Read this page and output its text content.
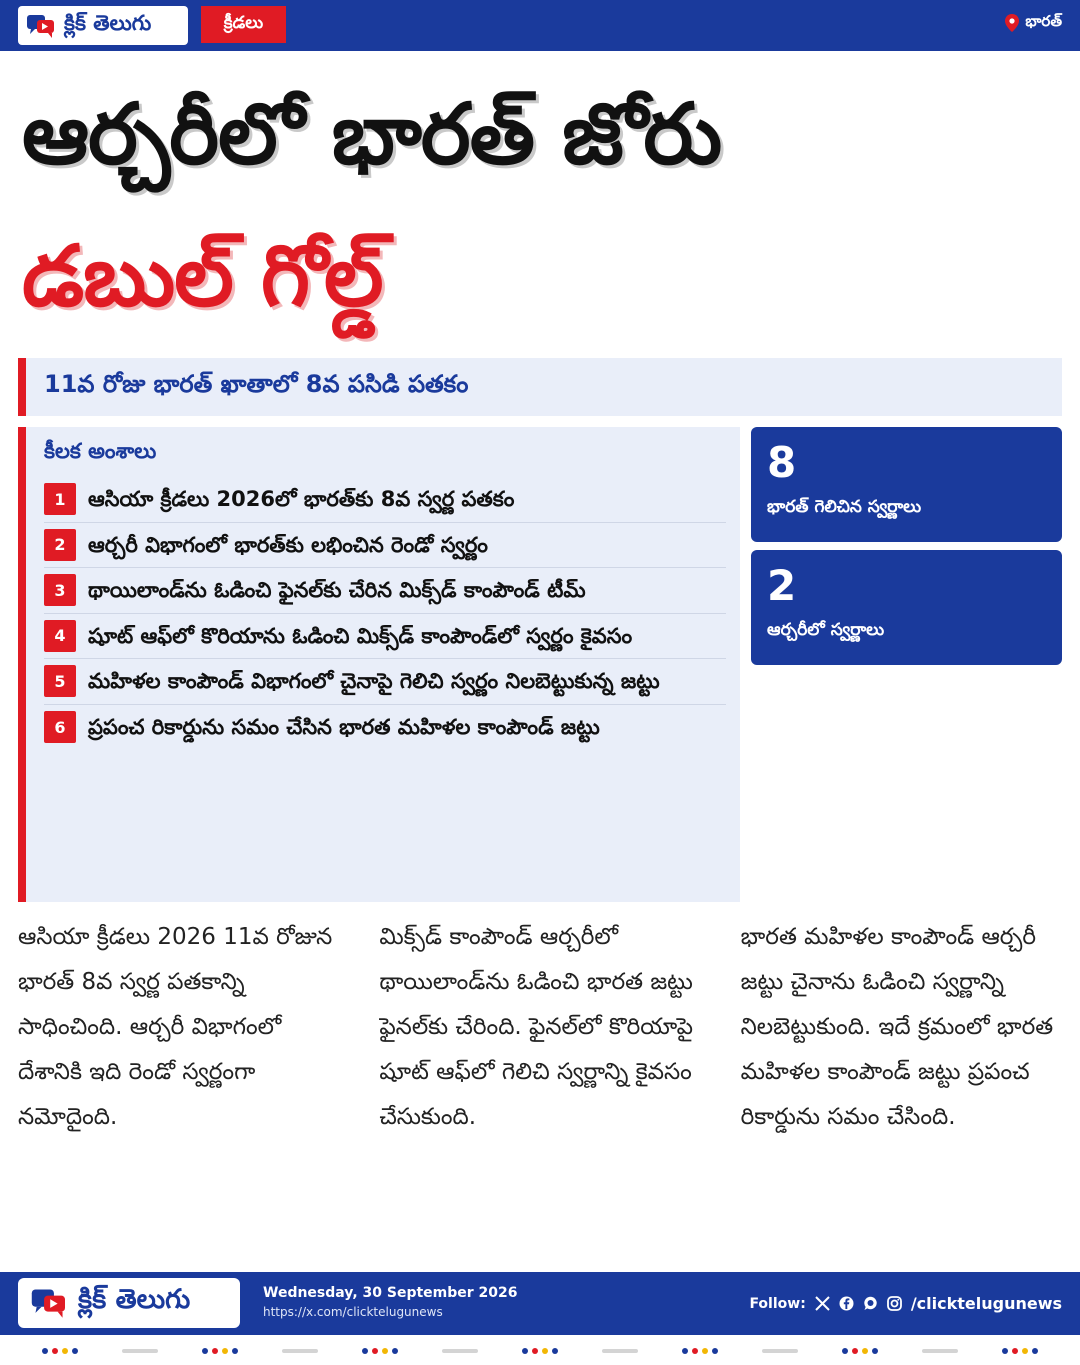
క్లిక్ తెలుగు	క్రీడలు	భారత్
ఆర్చరీలో భారత్ జోరు
డబుల్ గోల్డ్
11వ రోజు భారత్ ఖాతాలో 8వ పసిడి పతకం
కీలక అంశాలు
1	ఆసియా క్రీడలు 2026లో భారత్‌కు 8వ స్వర్ణ పతకం
2	ఆర్చరీ విభాగంలో భారత్‌కు లభించిన రెండో స్వర్ణం
3	థాయిలాండ్‌ను ఓడించి ఫైనల్‌కు చేరిన మిక్స్‌డ్ కాంపౌండ్ టీమ్
4	షూట్ ఆఫ్‌లో కొరియాను ఓడించి మిక్స్‌డ్ కాంపౌండ్‌లో స్వర్ణం కైవసం
5	మహిళల కాంపౌండ్ విభాగంలో చైనాపై గెలిచి స్వర్ణం నిలబెట్టుకున్న జట్టు
6	ప్రపంచ రికార్డును సమం చేసిన భారత మహిళల కాంపౌండ్ జట్టు
8
భారత్ గెలిచిన స్వర్ణాలు
2
ఆర్చరీలో స్వర్ణాలు

ఆసియా క్రీడలు 2026 11వ రోజున భారత్ 8వ స్వర్ణ పతకాన్ని సాధించింది. ఆర్చరీ విభాగంలో దేశానికి ఇది రెండో స్వర్ణంగా నమోదైంది.

మిక్స్‌డ్ కాంపౌండ్ ఆర్చరీలో థాయిలాండ్‌ను ఓడించి భారత జట్టు ఫైనల్‌కు చేరింది. ఫైనల్‌లో కొరియాపై షూట్ ఆఫ్‌లో గెలిచి స్వర్ణాన్ని కైవసం చేసుకుంది.

భారత మహిళల కాంపౌండ్ ఆర్చరీ జట్టు చైనాను ఓడించి స్వర్ణాన్ని నిలబెట్టుకుంది. ఇదే క్రమంలో భారత మహిళల కాంపౌండ్ జట్టు ప్రపంచ రికార్డును సమం చేసింది.

క్లిక్ తెలుగు	Wednesday, 30 September 2026
https://x.com/clicktelugunews
Follow:	/clicktelugunews
